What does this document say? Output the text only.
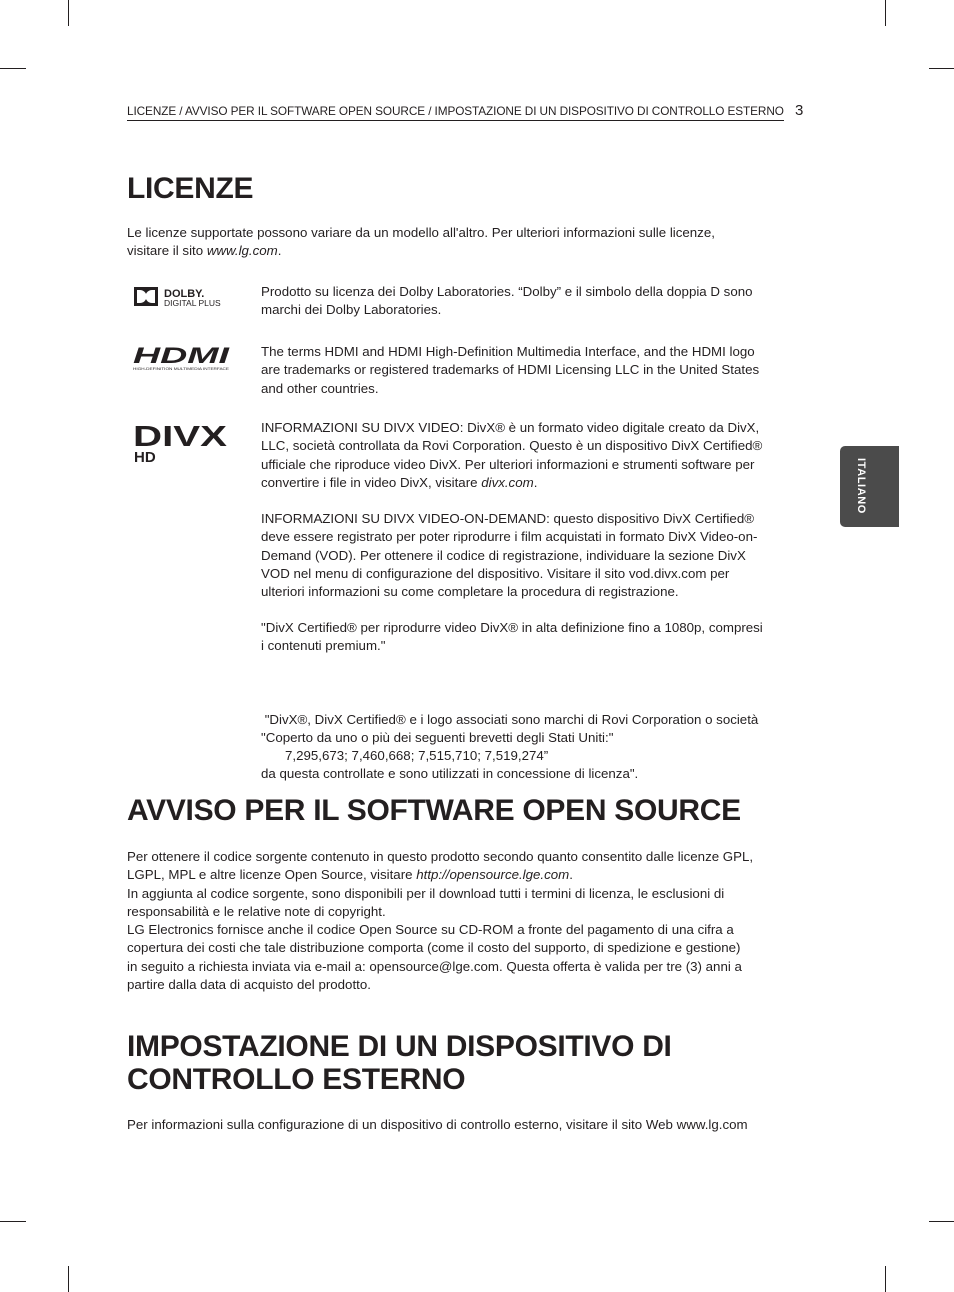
LICENZE / AVVISO PER IL SOFTWARE OPEN SOURCE / IMPOSTAZIONE DI UN DISPOSITIVO DI CONTROLLO ESTERNO 3
ITALIANO
LICENZE

Le licenze supportate possono variare da un modello all'altro. Per ulteriori informazioni sulle licenze,
visitare il sito www.lg.com.

DOLBY.
DIGITAL PLUS

Prodotto su licenza dei Dolby Laboratories. “Dolby” e il simbolo della doppia D sono
marchi dei Dolby Laboratories.

HDMI
HIGH-DEFINITION MULTIMEDIA INTERFACE

The terms HDMI and HDMI High-Definition Multimedia Interface, and the HDMI logo
are trademarks or registered trademarks of HDMI Licensing LLC in the United States
and other countries.

DIVX
HD

INFORMAZIONI SU DIVX VIDEO: DivX® è un formato video digitale creato da DivX,
LLC, società controllata da Rovi Corporation. Questo è un dispositivo DivX Certified®
ufficiale che riproduce video DivX. Per ulteriori informazioni e strumenti software per
convertire i file in video DivX, visitare divx.com.

INFORMAZIONI SU DIVX VIDEO-ON-DEMAND: questo dispositivo DivX Certified®
deve essere registrato per poter riprodurre i film acquistati in formato DivX Video-on-
Demand (VOD). Per ottenere il codice di registrazione, individuare la sezione DivX
VOD nel menu di configurazione del dispositivo. Visitare il sito vod.divx.com per
ulteriori informazioni su come completare la procedura di registrazione.

"DivX Certified® per riprodurre video DivX® in alta definizione fino a 1080p, compresi
i contenuti premium."

"DivX®, DivX Certified® e i logo associati sono marchi di Rovi Corporation o società

da questa controllate e sono utilizzati in concessione di licenza".

"Coperto da uno o più dei seguenti brevetti degli Stati Uniti:"
7,295,673; 7,460,668; 7,515,710; 7,519,274”

AVVISO PER IL SOFTWARE OPEN SOURCE

Per ottenere il codice sorgente contenuto in questo prodotto secondo quanto consentito dalle licenze GPL,
LGPL, MPL e altre licenze Open Source, visitare http://opensource.lge.com.
In aggiunta al codice sorgente, sono disponibili per il download tutti i termini di licenza, le esclusioni di
responsabilità e le relative note di copyright.
LG Electronics fornisce anche il codice Open Source su CD-ROM a fronte del pagamento di una cifra a
copertura dei costi che tale distribuzione comporta (come il costo del supporto, di spedizione e gestione)
in seguito a richiesta inviata via e-mail a: opensource@lge.com. Questa offerta è valida per tre (3) anni a
partire dalla data di acquisto del prodotto.

IMPOSTAZIONE DI UN DISPOSITIVO DI
CONTROLLO ESTERNO

Per informazioni sulla configurazione di un dispositivo di controllo esterno, visitare il sito Web www.lg.com
